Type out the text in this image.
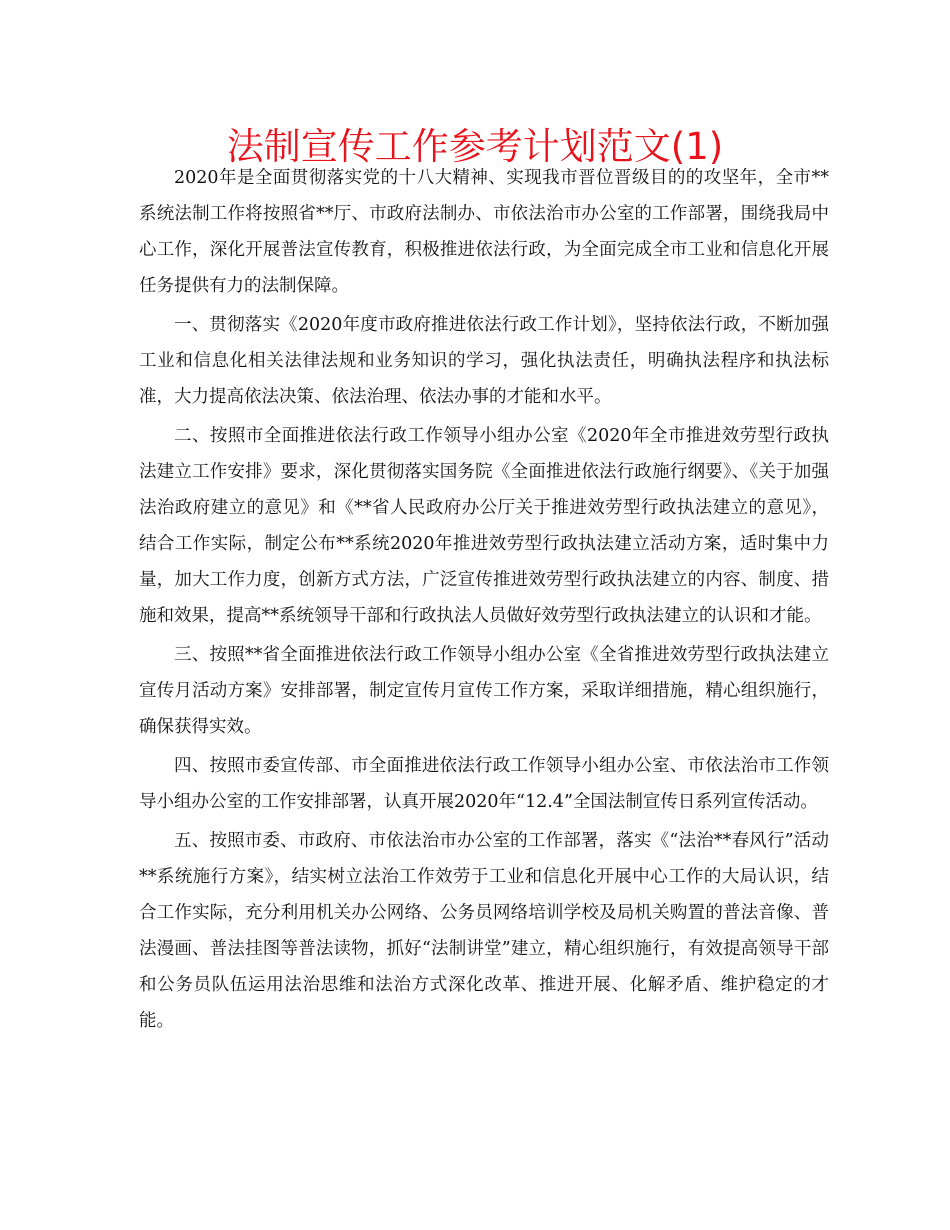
法制宣传工作参考计划范文(1)

2020年是全面贯彻落实党的十八大精神、实现我市晋位晋级目的的攻坚年，全市**系统法制工作将按照省**厅、市政府法制办、市依法治市办公室的工作部署，围绕我局中心工作，深化开展普法宣传教育，积极推进依法行政，为全面完成全市工业和信息化开展任务提供有力的法制保障。

一、贯彻落实《2020年度市政府推进依法行政工作计划》，坚持依法行政，不断加强工业和信息化相关法律法规和业务知识的学习，强化执法责任，明确执法程序和执法标准，大力提高依法决策、依法治理、依法办事的才能和水平。

二、按照市全面推进依法行政工作领导小组办公室《2020年全市推进效劳型行政执法建立工作安排》要求，深化贯彻落实国务院《全面推进依法行政施行纲要》、《关于加强法治政府建立的意见》和《**省人民政府办公厅关于推进效劳型行政执法建立的意见》，结合工作实际，制定公布**系统2020年推进效劳型行政执法建立活动方案，适时集中力量，加大工作力度，创新方式方法，广泛宣传推进效劳型行政执法建立的内容、制度、措施和效果，提高**系统领导干部和行政执法人员做好效劳型行政执法建立的认识和才能。

三、按照**省全面推进依法行政工作领导小组办公室《全省推进效劳型行政执法建立宣传月活动方案》安排部署，制定宣传月宣传工作方案，采取详细措施，精心组织施行，确保获得实效。

四、按照市委宣传部、市全面推进依法行政工作领导小组办公室、市依法治市工作领导小组办公室的工作安排部署，认真开展2020年“12.4”全国法制宣传日系列宣传活动。

五、按照市委、市政府、市依法治市办公室的工作部署，落实《“法治**春风行”活动**系统施行方案》，结实树立法治工作效劳于工业和信息化开展中心工作的大局认识，结合工作实际，充分利用机关办公网络、公务员网络培训学校及局机关购置的普法音像、普法漫画、普法挂图等普法读物，抓好“法制讲堂”建立，精心组织施行，有效提高领导干部和公务员队伍运用法治思维和法治方式深化改革、推进开展、化解矛盾、维护稳定的才能。
